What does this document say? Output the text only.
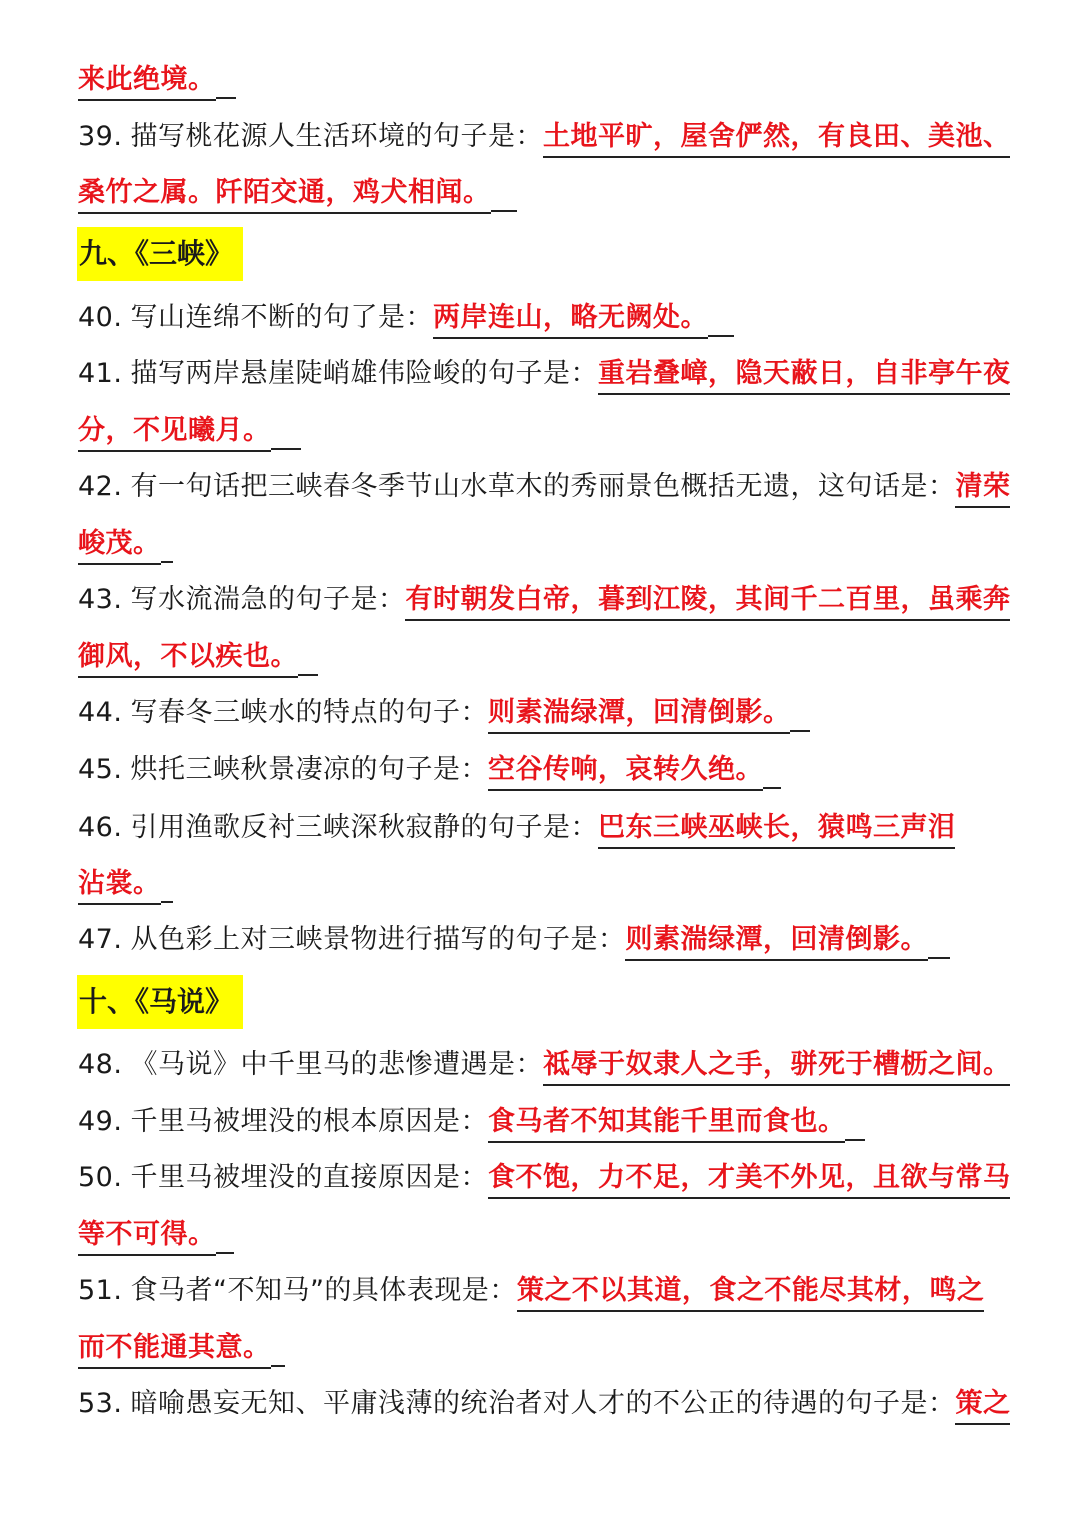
来此绝境。
39. 描写桃花源人生活环境的句子是：土地平旷，屋舍俨然，有良田、美池、
桑竹之属。阡陌交通，鸡犬相闻。
九、《三峡》
40. 写山连绵不断的句了是：两岸连山，略无阙处。
41. 描写两岸悬崖陡峭雄伟险峻的句子是：重岩叠嶂，隐天蔽日，自非亭午夜
分，不见曦月。
42. 有一句话把三峡春冬季节山水草木的秀丽景色概括无遗，这句话是：清荣
峻茂。
43. 写水流湍急的句子是：有时朝发白帝，暮到江陵，其间千二百里，虽乘奔
御风，不以疾也。
44. 写春冬三峡水的特点的句子：则素湍绿潭，回清倒影。
45. 烘托三峡秋景凄凉的句子是：空谷传响，哀转久绝。
46. 引用渔歌反衬三峡深秋寂静的句子是：巴东三峡巫峡长，猿鸣三声泪
沾裳。
47. 从色彩上对三峡景物进行描写的句子是：则素湍绿潭，回清倒影。
十、《马说》
48. 《马说》中千里马的悲惨遭遇是：祗辱于奴隶人之手，骈死于槽枥之间。
49. 千里马被埋没的根本原因是：食马者不知其能千里而食也。
50. 千里马被埋没的直接原因是：食不饱，力不足，才美不外见，且欲与常马
等不可得。
51. 食马者“不知马”的具体表现是：策之不以其道，食之不能尽其材，鸣之
而不能通其意。
53. 暗喻愚妄无知、平庸浅薄的统治者对人才的不公正的待遇的句子是：策之
